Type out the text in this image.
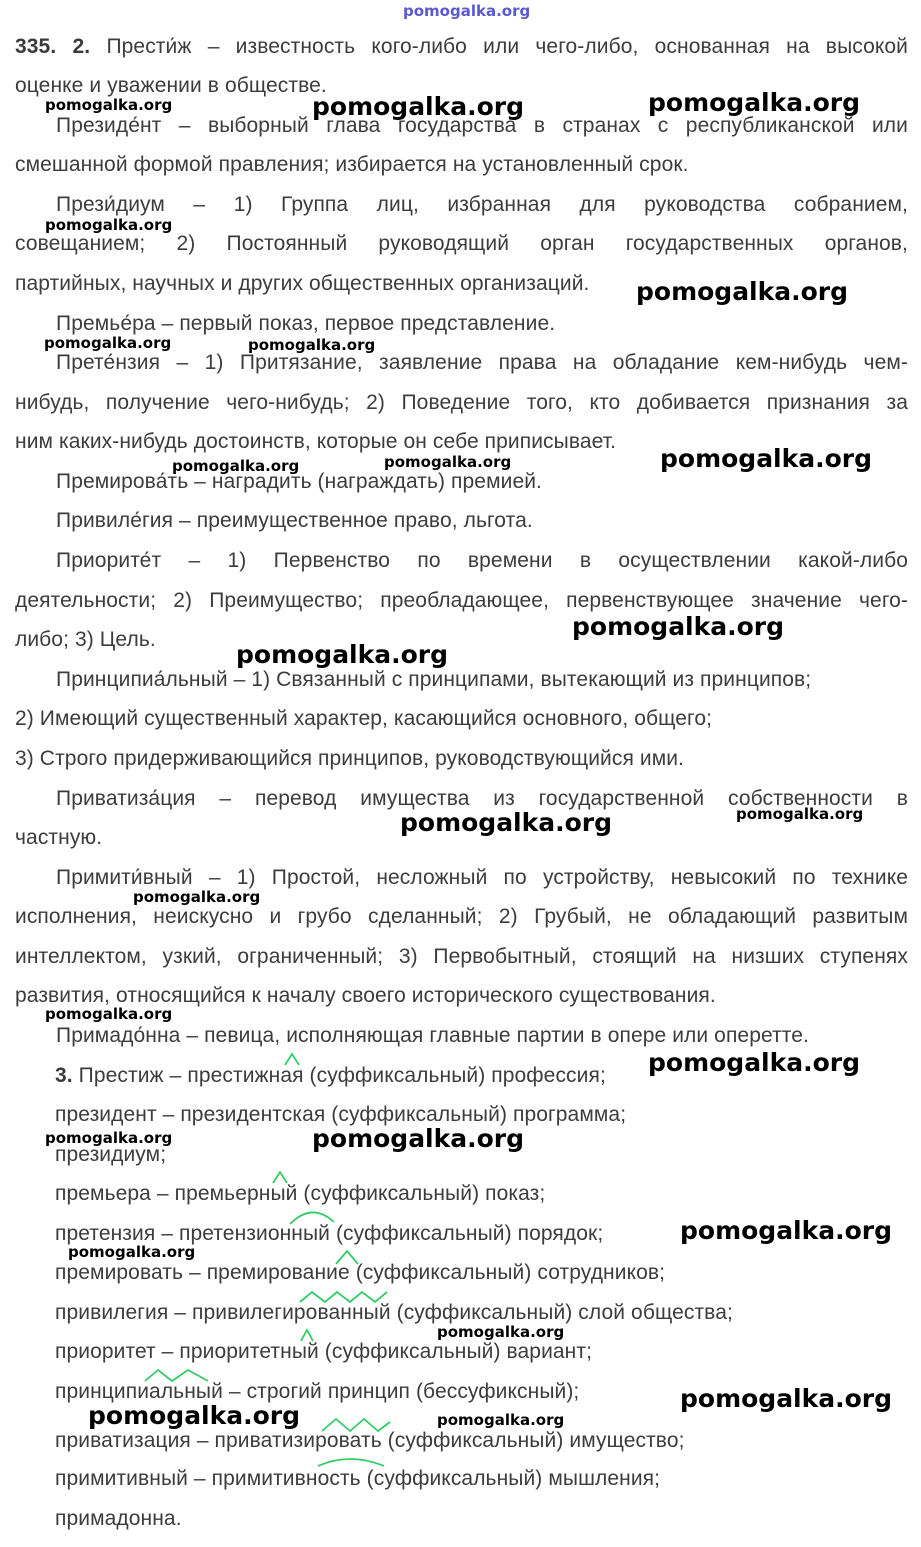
pomogalka.org
335. 2. Прести́ж – известность кого-либо или чего-либо, основанная на высокой
оценке и уважении в обществе.
Президе́нт – выборный глава государства в странах с республиканской или
смешанной формой правления; избирается на установленный срок.
Прези́диум – 1) Группа лиц, избранная для руководства собранием,
совещанием; 2) Постоянный руководящий орган государственных органов,
партийных, научных и других общественных организаций.
Премье́ра – первый показ, первое представление.
Прете́нзия – 1) Притязание, заявление права на обладание кем-нибудь чем-
нибудь, получение чего-нибудь; 2) Поведение того, кто добивается признания за
ним каких-нибудь достоинств, которые он себе приписывает.
Премирова́ть – наградить (награждать) премией.
Привиле́гия – преимущественное право, льгота.
Приорите́т – 1) Первенство по времени в осуществлении какой-либо
деятельности; 2) Преимущество; преобладающее, первенствующее значение чего-
либо; 3) Цель.
Принципиа́льный – 1) Связанный с принципами, вытекающий из принципов;
2) Имеющий существенный характер, касающийся основного, общего;
3) Строго придерживающийся принципов, руководствующийся ими.
Приватиза́ция – перевод имущества из государственной собственности в
частную.
Примити́вный – 1) Простой, несложный по устройству, невысокий по технике
исполнения, неискусно и грубо сделанный; 2) Грубый, не обладающий развитым
интеллектом, узкий, ограниченный; 3) Первобытный, стоящий на низших ступенях
развития, относящийся к началу своего исторического существования.
Примадо́нна – певица, исполняющая главные партии в опере или оперетте.
3. Престиж – престижная (суффиксальный) профессия;
президент – президентская (суффиксальный) программа;
президиум;
премьера – премьерный (суффиксальный) показ;
претензия – претензионный (суффиксальный) порядок;
премировать – премирование (суффиксальный) сотрудников;
привилегия – привилегированный (суффиксальный) слой общества;
приоритет – приоритетный (суффиксальный) вариант;
принципиальный – строгий принцип (бессуфиксный);
приватизация – приватизировать (суффиксальный) имущество;
примитивный – примитивность (суффиксальный) мышления;
примадонна.
pomogalka.org	pomogalka.org	pomogalka.org
pomogalka.org
pomogalka.org
pomogalka.org	pomogalka.org
pomogalka.org	pomogalka.org	pomogalka.org
pomogalka.org
pomogalka.org
pomogalka.org
pomogalka.org
pomogalka.org
pomogalka.org
pomogalka.org
pomogalka.org	pomogalka.org
pomogalka.org
pomogalka.org
pomogalka.org
pomogalka.org
pomogalka.org	pomogalka.org
